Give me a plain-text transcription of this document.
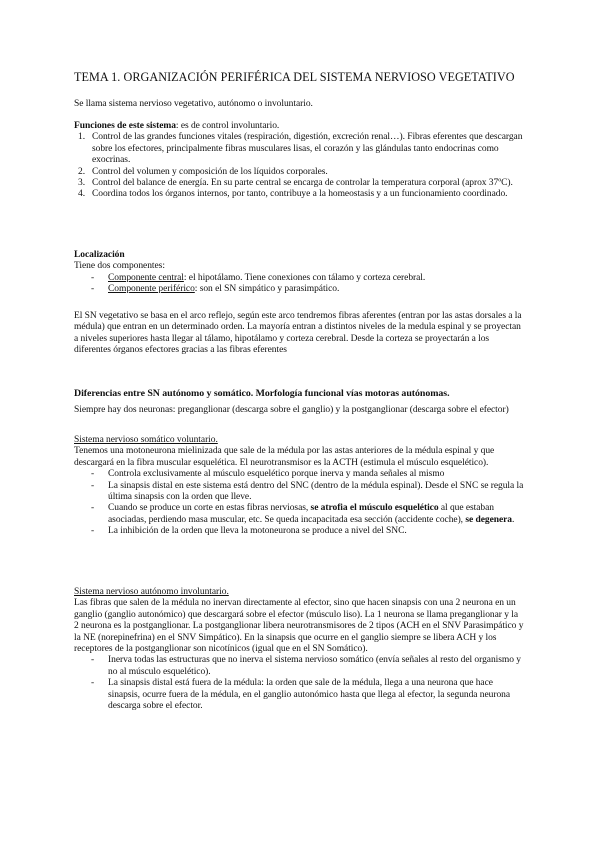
TEMA 1. ORGANIZACIÓN PERIFÉRICA DEL SISTEMA NERVIOSO VEGETATIVO

Se llama sistema nervioso vegetativo, autónomo o involuntario.

Funciones de este sistema: es de control involuntario.

1. Control de las grandes funciones vitales (respiración, digestión, excreción renal…). Fibras eferentes que descargan sobre los efectores, principalmente fibras musculares lisas, el corazón y las glándulas tanto endocrinas como exocrinas.
2. Control del volumen y composición de los líquidos corporales.
3. Control del balance de energía. En su parte central se encarga de controlar la temperatura corporal (aprox 37ºC).
4. Coordina todos los órganos internos, por tanto, contribuye a la homeostasis y a un funcionamiento coordinado.

Localización

Tiene dos componentes:

- Componente central: el hipotálamo. Tiene conexiones con tálamo y corteza cerebral.
- Componente periférico: son el SN simpático y parasimpático.

El SN vegetativo se basa en el arco reflejo, según este arco tendremos fibras aferentes (entran por las astas dorsales a la médula) que entran en un determinado orden. La mayoría entran a distintos niveles de la medula espinal y se proyectan a niveles superiores hasta llegar al tálamo, hipotálamo y corteza cerebral. Desde la corteza se proyectarán a los diferentes órganos efectores gracias a las fibras eferentes

Diferencias entre SN autónomo y somático. Morfología funcional vías motoras autónomas.

Siempre hay dos neuronas: preganglionar (descarga sobre el ganglio) y la postganglionar (descarga sobre el efector)

Sistema nervioso somático voluntario.

Tenemos una motoneurona mielinizada que sale de la médula por las astas anteriores de la médula espinal y que descargará en la fibra muscular esquelética. El neurotransmisor es la ACTH (estimula el músculo esquelético).

- Controla exclusivamente al músculo esquelético porque inerva y manda señales al mismo
- La sinapsis distal en este sistema está dentro del SNC (dentro de la médula espinal). Desde el SNC se regula la última sinapsis con la orden que lleve.
- Cuando se produce un corte en estas fibras nerviosas, se atrofia el músculo esquelético al que estaban asociadas, perdiendo masa muscular, etc. Se queda incapacitada esa sección (accidente coche), se degenera.
- La inhibición de la orden que lleva la motoneurona se produce a nivel del SNC.

Sistema nervioso autónomo involuntario.

Las fibras que salen de la médula no inervan directamente al efector, sino que hacen sinapsis con una 2 neurona en un ganglio (ganglio autonómico) que descargará sobre el efector (músculo liso). La 1 neurona se llama preganglionar y la 2 neurona es la postganglionar. La postganglionar libera neurotransmisores de 2 tipos (ACH en el SNV Parasimpático y la NE (norepinefrina) en el SNV Simpático). En la sinapsis que ocurre en el ganglio siempre se libera ACH y los receptores de la postganglionar son nicotínicos (igual que en el SN Somático).

- Inerva todas las estructuras que no inerva el sistema nervioso somático (envía señales al resto del organismo y no al músculo esquelético).
- La sinapsis distal está fuera de la médula: la orden que sale de la médula, llega a una neurona que hace sinapsis, ocurre fuera de la médula, en el ganglio autonómico hasta que llega al efector, la segunda neurona descarga sobre el efector.
